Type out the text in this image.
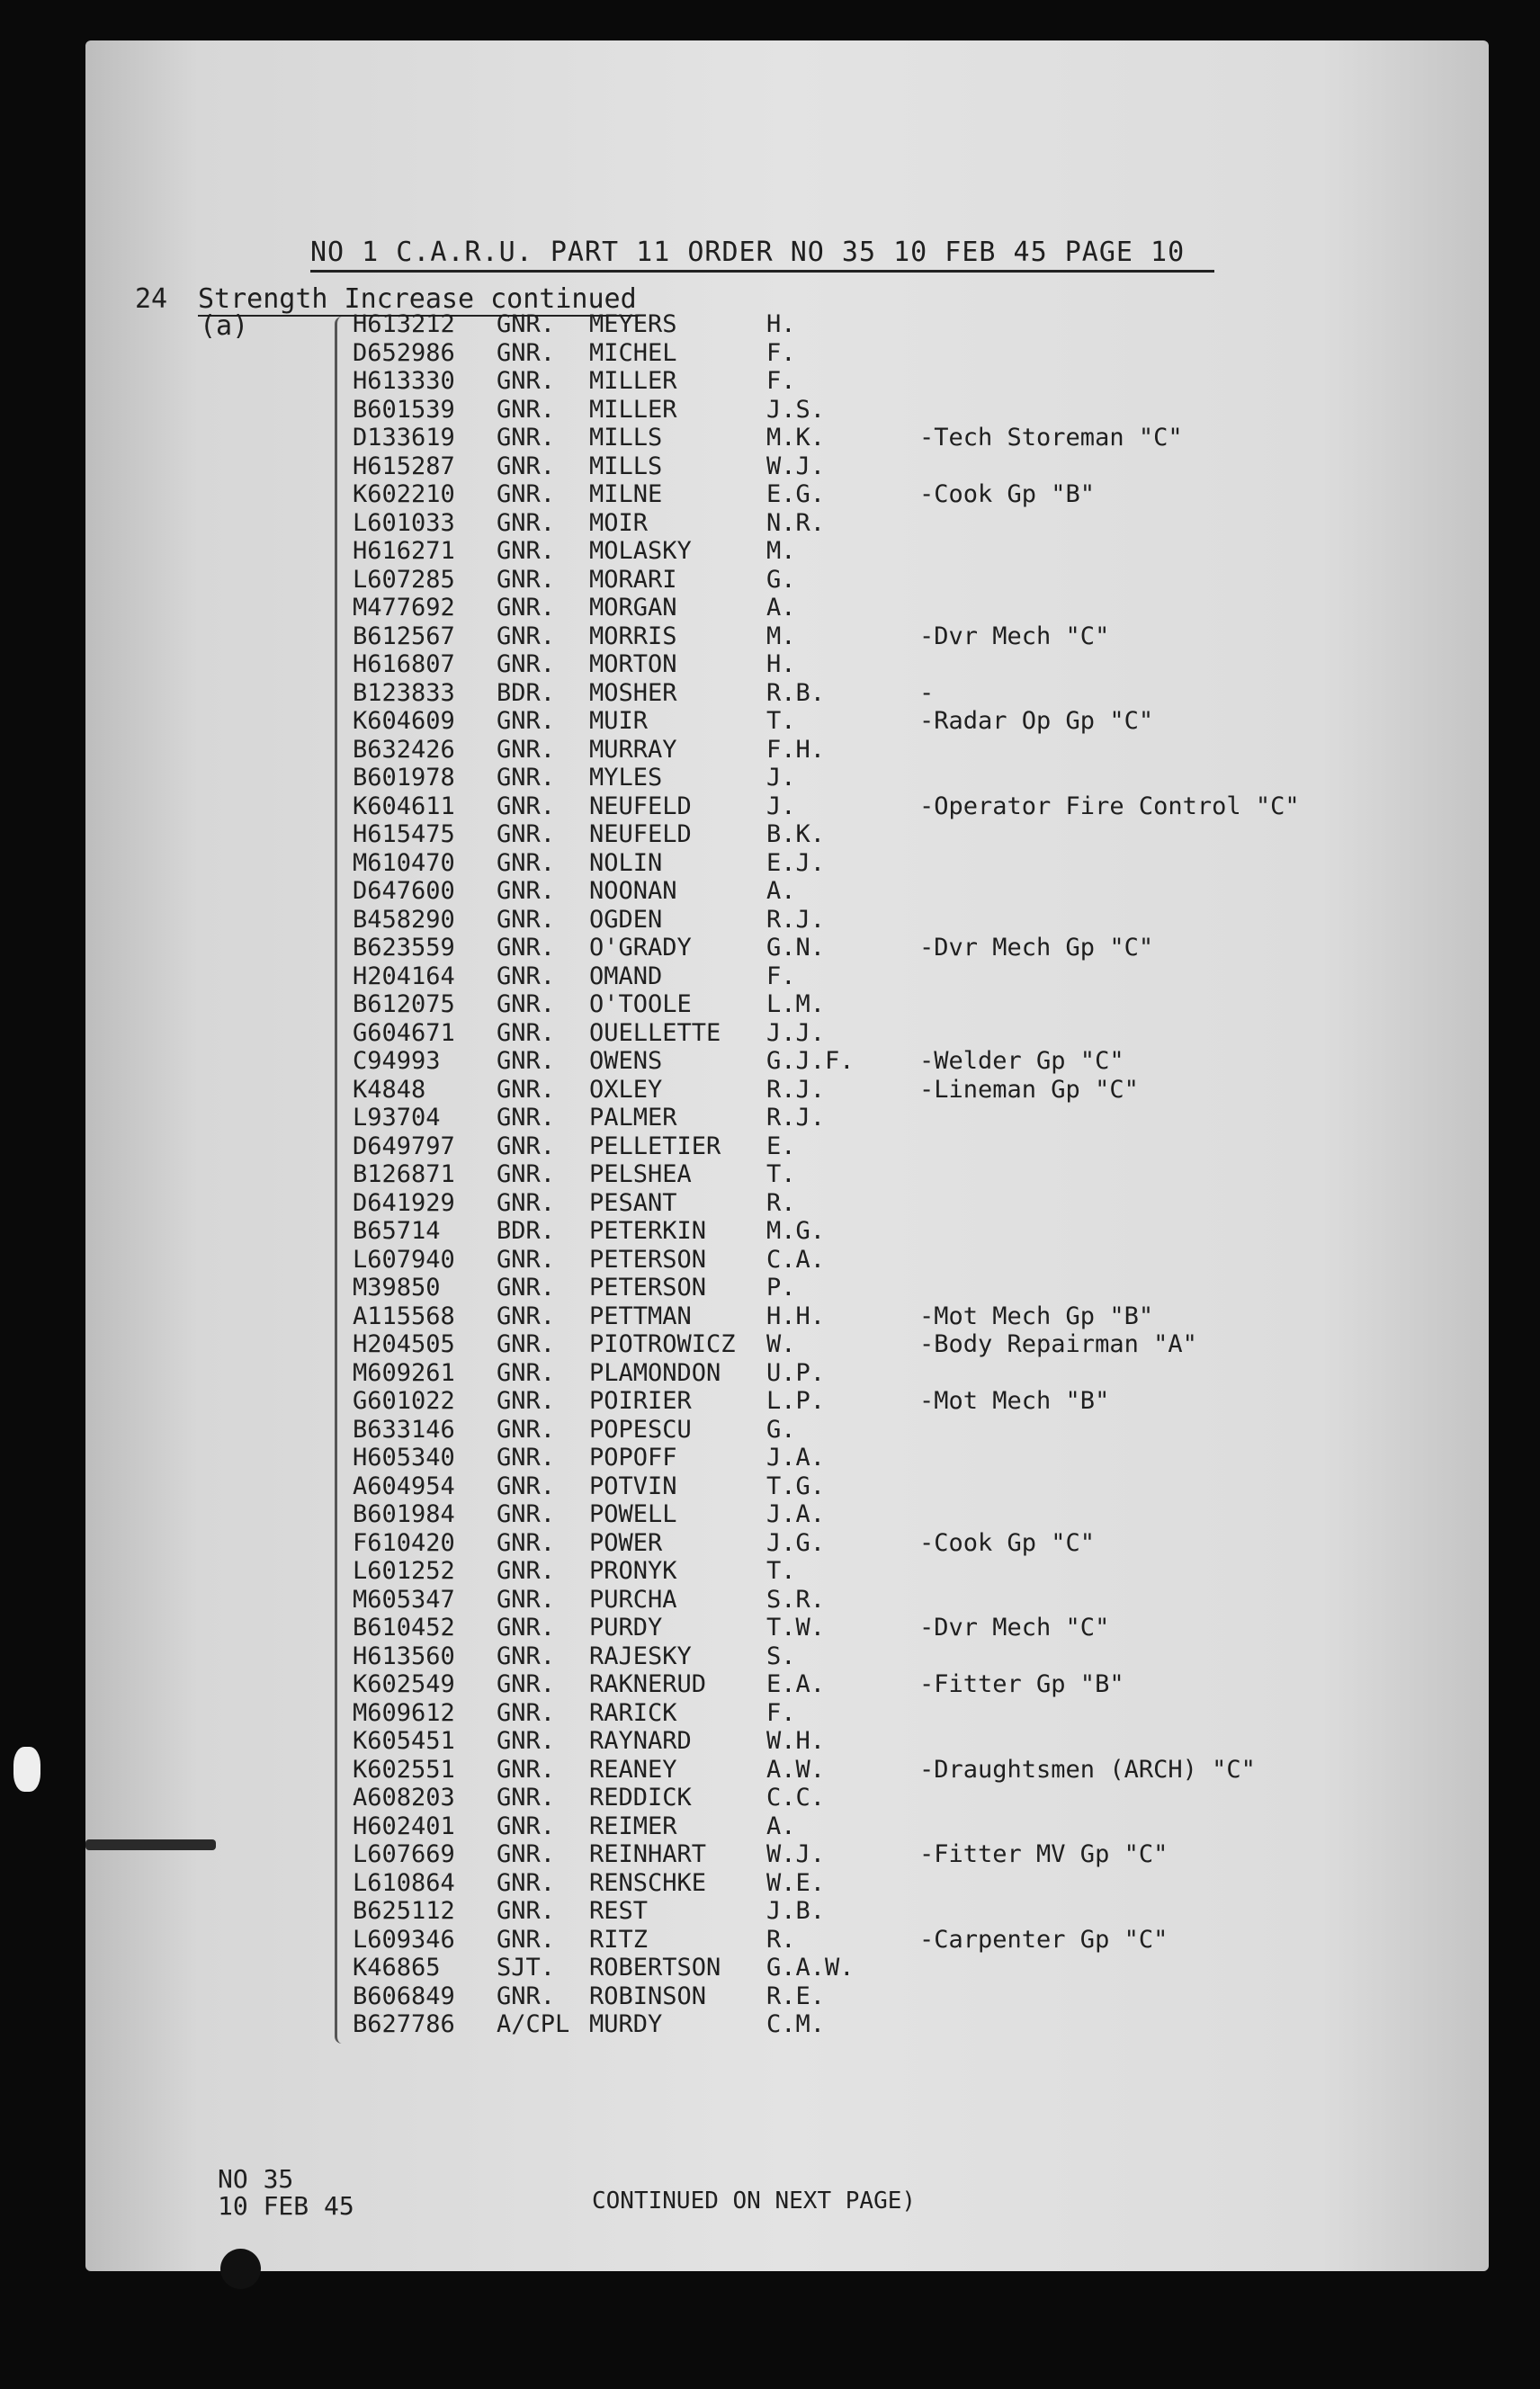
NO 1 C.A.R.U. PART 11 ORDER NO 35 10 FEB 45 PAGE 10
24 Strength Increase continued
(a)	H613212 GNR. MEYERS	H.
D652986 GNR. MICHEL	F.
H613330 GNR. MILLER	F.
B601539 GNR. MILLER	J.S.
D133619 GNR. MILLS	M.K.	-Tech Storeman "C"
H615287 GNR. MILLS	W.J.
K602210 GNR. MILNE	E.G.	-Cook Gp "B"
L601033 GNR. MOIR	N.R.
H616271 GNR. MOLASKY	M.
L607285 GNR. MORARI	G.
M477692 GNR. MORGAN	A.
B612567 GNR. MORRIS	M.	-Dvr Mech "C"
H616807 GNR. MORTON	H.
B123833 BDR. MOSHER	R.B.	-
K604609 GNR. MUIR	T.	-Radar Op Gp "C"
B632426 GNR. MURRAY	F.H.
B601978 GNR. MYLES	J.
K604611 GNR. NEUFELD	J.	-Operator Fire Control "C"
H615475 GNR. NEUFELD	B.K.
M610470 GNR. NOLIN	E.J.
D647600 GNR. NOONAN	A.
B458290 GNR. OGDEN	R.J.
B623559 GNR. O'GRADY	G.N.	-Dvr Mech Gp "C"
H204164 GNR. OMAND	F.
B612075 GNR. O'TOOLE	L.M.
G604671 GNR. OUELLETTE J.J.
C94993 GNR. OWENS	G.J.F.	-Welder Gp "C"
K4848	GNR. OXLEY	R.J.	-Lineman Gp "C"
L93704 GNR. PALMER	R.J.
D649797 GNR. PELLETIER E.
B126871 GNR. PELSHEA	T.
D641929 GNR. PESANT	R.
B65714 BDR. PETERKIN M.G.
L607940 GNR. PETERSON C.A.
M39850 GNR. PETERSON P.
A115568 GNR. PETTMAN	H.H.	-Mot Mech Gp "B"
H204505 GNR. PIOTROWICZ W.	-Body Repairman "A"
M609261 GNR. PLAMONDON U.P.
G601022 GNR. POIRIER	L.P.	-Mot Mech "B"
B633146 GNR. POPESCU	G.
H605340 GNR. POPOFF	J.A.
A604954 GNR. POTVIN	T.G.
B601984 GNR. POWELL	J.A.
F610420 GNR. POWER	J.G.	-Cook Gp "C"
L601252 GNR. PRONYK	T.
M605347 GNR. PURCHA	S.R.
B610452 GNR. PURDY	T.W.	-Dvr Mech "C"
H613560 GNR. RAJESKY	S.
K602549 GNR. RAKNERUD E.A.	-Fitter Gp "B"
M609612 GNR. RARICK	F.
K605451 GNR. RAYNARD	W.H.
K602551 GNR. REANEY	A.W.	-Draughtsmen (ARCH) "C"
A608203 GNR. REDDICK	C.C.
H602401 GNR. REIMER	A.
L607669 GNR. REINHART W.J.	-Fitter MV Gp "C"
L610864 GNR. RENSCHKE W.E.
B625112 GNR. REST	J.B.
L609346 GNR. RITZ	R.	-Carpenter Gp "C"
K46865 SJT. ROBERTSON G.A.W.
B606849 GNR. ROBINSON R.E.
B627786 A/CPL MURDY	C.M.
NO 35
10 FEB 45	CONTINUED ON NEXT PAGE)
